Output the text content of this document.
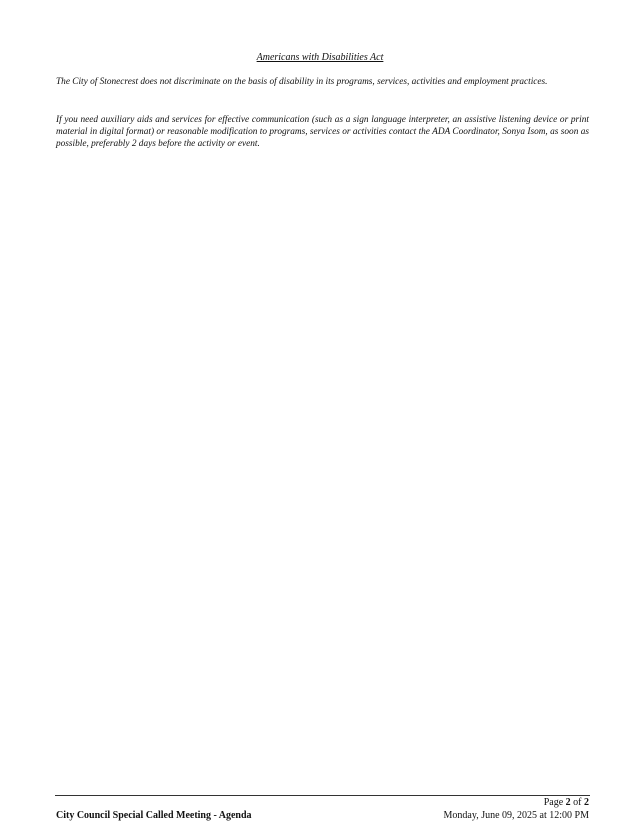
Americans with Disabilities Act

The City of Stonecrest does not discriminate on the basis of disability in its programs, services, activities and employment practices.

If you need auxiliary aids and services for effective communication (such as a sign language interpreter, an assistive listening device or print material in digital format) or reasonable modification to programs, services or activities contact the ADA Coordinator, Sonya Isom, as soon as possible, preferably 2 days before the activity or event.

Page 2 of 2
City Council Special Called Meeting - Agenda	Monday, June 09, 2025 at 12:00 PM
